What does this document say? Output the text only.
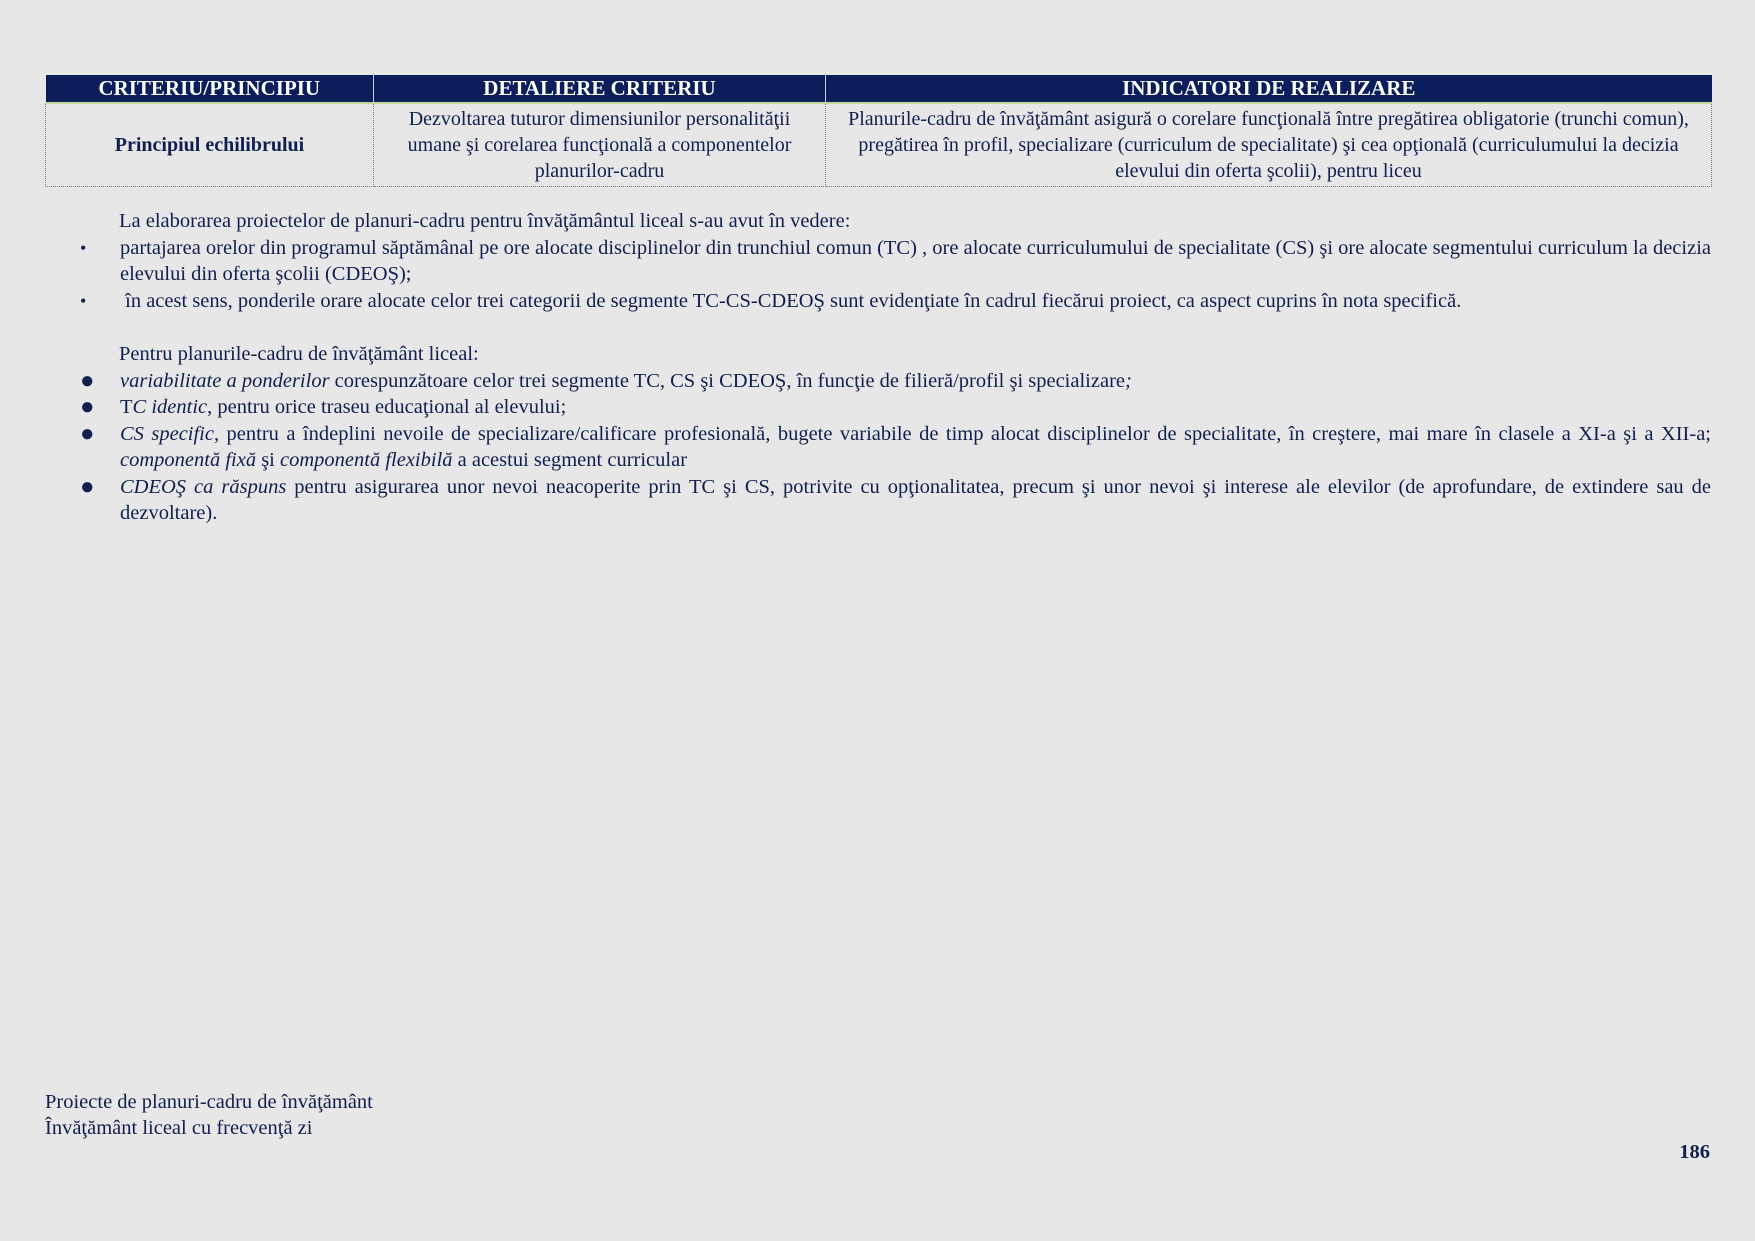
CRITERIU/PRINCIPIU	DETALIERE CRITERIU	INDICATORI DE REALIZARE
Principiul echilibrului	Dezvoltarea tuturor dimensiunilor personalităţii umane şi corelarea funcţională a componentelor planurilor-cadru	Planurile-cadru de învăţământ asigură o corelare funcţională între pregătirea obligatorie (trunchi comun), pregătirea în profil, specializare (curriculum de specialitate) şi cea opţională (curriculumului la decizia elevului din oferta şcolii), pentru liceu
La elaborarea proiectelor de planuri-cadru pentru învăţământul liceal s-au avut în vedere:
• partajarea orelor din programul săptămânal pe ore alocate disciplinelor din trunchiul comun (TC) , ore alocate curriculumului de specialitate (CS) şi ore alocate segmentului curriculum la decizia elevului din oferta şcolii (CDEOŞ);
• în acest sens, ponderile orare alocate celor trei categorii de segmente TC-CS-CDEOŞ sunt evidenţiate în cadrul fiecărui proiect, ca aspect cuprins în nota specifică.
Pentru planurile-cadru de învăţământ liceal:
● variabilitate a ponderilor corespunzătoare celor trei segmente TC, CS şi CDEOŞ, în funcţie de filieră/profil şi specializare;
● TC identic, pentru orice traseu educaţional al elevului;
● CS specific, pentru a îndeplini nevoile de specializare/calificare profesională, bugete variabile de timp alocat disciplinelor de specialitate, în creştere, mai mare în clasele a XI-a şi a XII-a; componentă fixă şi componentă flexibilă a acestui segment curricular
● CDEOŞ ca răspuns pentru asigurarea unor nevoi neacoperite prin TC şi CS, potrivite cu opţionalitatea, precum şi unor nevoi şi interese ale elevilor (de aprofundare, de extindere sau de dezvoltare).
Proiecte de planuri-cadru de învăţământ
Învăţământ liceal cu frecvenţă zi
186
